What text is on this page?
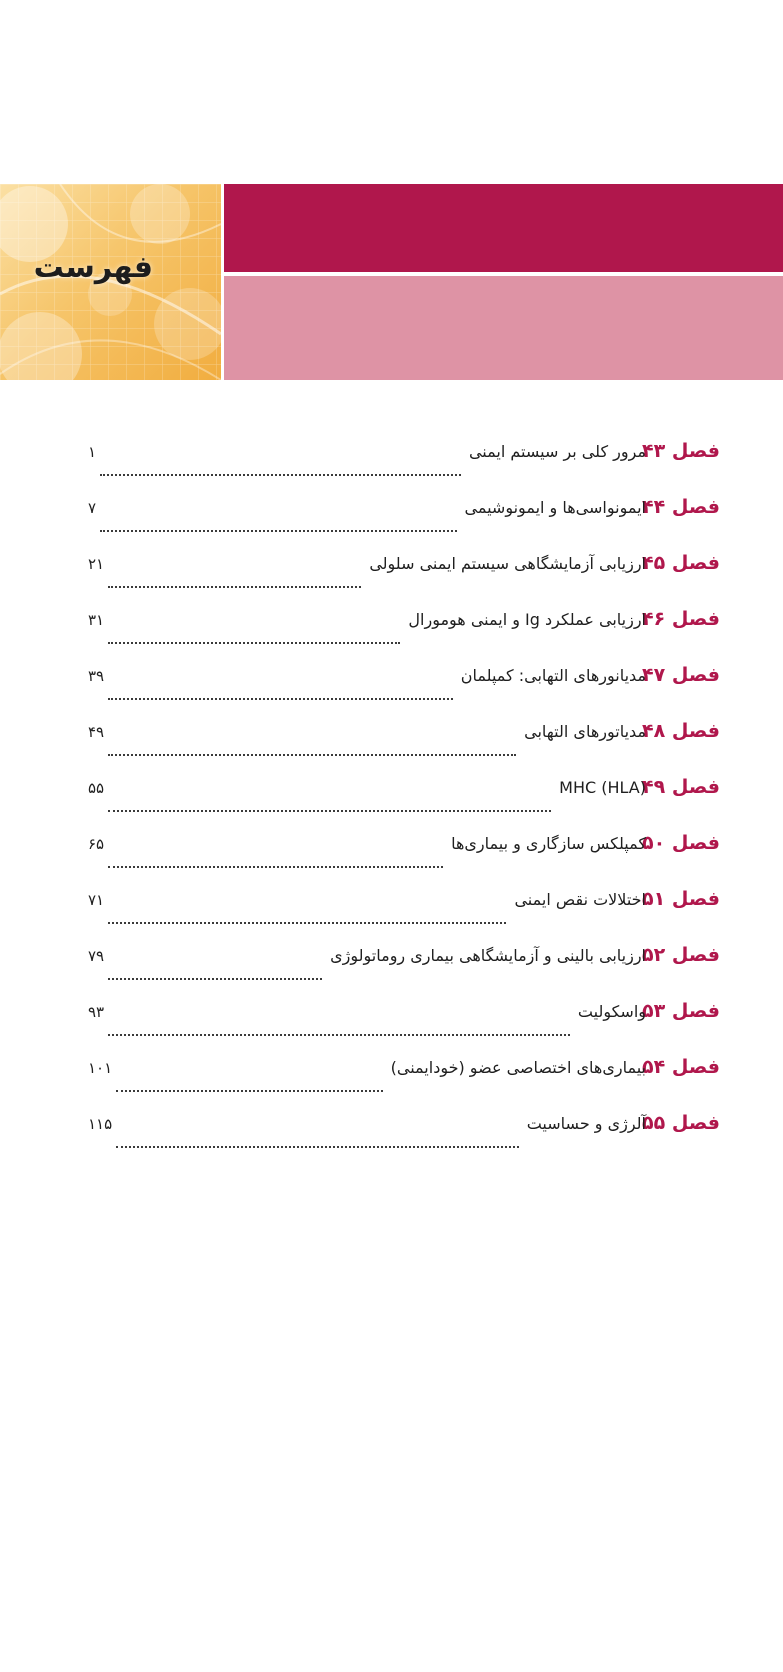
فهرست
فصل ۴۳
مرور کلی بر سیستم ایمنی
۱
فصل ۴۴
ایمونواسی‌ها و ایمونوشیمی
۷
فصل ۴۵
ارزیابی آزمایشگاهی سیستم ایمنی سلولی
۲۱
فصل ۴۶
ارزیابی عملکرد Ig و ایمنی هومورال
۳۱
فصل ۴۷
مدیانورهای التهابی: کمپلمان
۳۹
فصل ۴۸
مدیاتورهای التهابی
۴۹
فصل ۴۹
MHC (HLA)
۵۵
فصل ۵۰
کمپلکس سازگاری و بیماری‌ها
۶۵
فصل ۵۱
اختلالات نقص ایمنی
۷۱
فصل ۵۲
ارزیابی بالینی و آزمایشگاهی بیماری روماتولوژی
۷۹
فصل ۵۳
واسکولیت
۹۳
فصل ۵۴
بیماری‌های اختصاصی عضو (خودایمنی)
۱۰۱
فصل ۵۵
آلرژی و حساسیت
۱۱۵
